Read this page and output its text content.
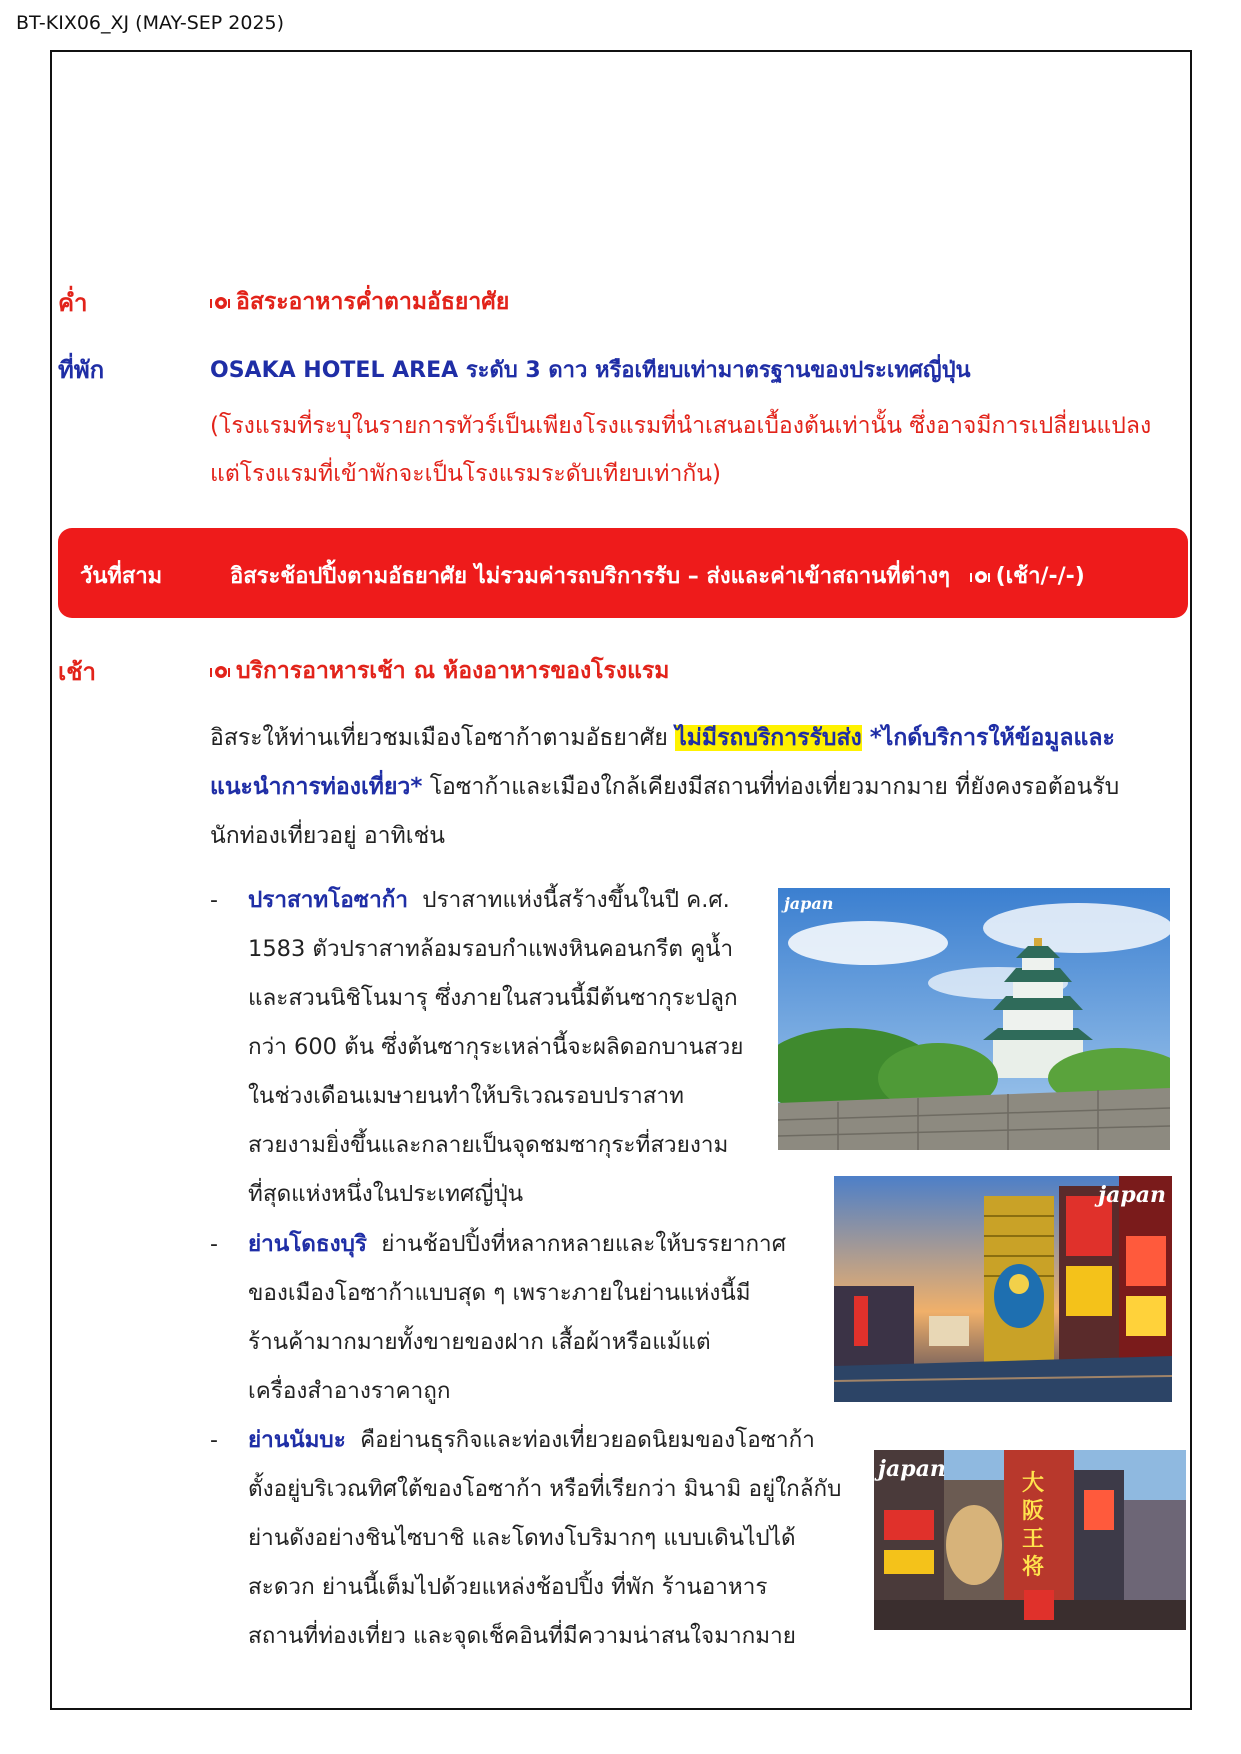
BT-KIX06_XJ (MAY-SEP 2025)
ค่ำ	อิสระอาหารค่ำตามอัธยาศัย
ที่พัก	OSAKA HOTEL AREA ระดับ 3 ดาว หรือเทียบเท่ามาตรฐานของประเทศญี่ปุ่น
(โรงแรมที่ระบุในรายการทัวร์เป็นเพียงโรงแรมที่นำเสนอเบื้องต้นเท่านั้น ซึ่งอาจมีการเปลี่ยนแปลง
แต่โรงแรมที่เข้าพักจะเป็นโรงแรมระดับเทียบเท่ากัน)
วันที่สาม	อิสระช้อปปิ้งตามอัธยาศัย ไม่รวมค่ารถบริการรับ – ส่งและค่าเข้าสถานที่ต่างๆ (เช้า/-/-)
เช้า	บริการอาหารเช้า ณ ห้องอาหารของโรงแรม
อิสระให้ท่านเที่ยวชมเมืองโอซาก้าตามอัธยาศัย ไม่มีรถบริการรับส่ง *ไกด์บริการให้ข้อมูลและ
แนะนำการท่องเที่ยว* โอซาก้าและเมืองใกล้เคียงมีสถานที่ท่องเที่ยวมากมาย ที่ยังคงรอต้อนรับ
นักท่องเที่ยวอยู่ อาทิเช่น
- ปราสาทโอซาก้า ปราสาทแห่งนี้สร้างขึ้นในปี ค.ศ.
1583 ตัวปราสาทล้อมรอบกำแพงหินคอนกรีต คูน้ำ
และสวนนิชิโนมารุ ซึ่งภายในสวนนี้มีต้นซากุระปลูก
กว่า 600 ต้น ซึ่งต้นซากุระเหล่านี้จะผลิดอกบานสวย
ในช่วงเดือนเมษายนทำให้บริเวณรอบปราสาท
สวยงามยิ่งขึ้นและกลายเป็นจุดชมซากุระที่สวยงาม
ที่สุดแห่งหนึ่งในประเทศญี่ปุ่น
japan
- ย่านโดธงบุริ ย่านช้อปปิ้งที่หลากหลายและให้บรรยากาศ
ของเมืองโอซาก้าแบบสุด ๆ เพราะภายในย่านแห่งนี้มี
ร้านค้ามากมายทั้งขายของฝาก เสื้อผ้าหรือแม้แต่
เครื่องสำอางราคาถูก
japan
- ย่านนัมบะ คือย่านธุรกิจและท่องเที่ยวยอดนิยมของโอซาก้า
ตั้งอยู่บริเวณทิศใต้ของโอซาก้า หรือที่เรียกว่า มินามิ อยู่ใกล้กับ
ย่านดังอย่างชินไซบาชิ และโดทงโบริมากๆ แบบเดินไปได้
สะดวก ย่านนี้เต็มไปด้วยแหล่งช้อปปิ้ง ที่พัก ร้านอาหาร
สถานที่ท่องเที่ยว และจุดเช็คอินที่มีความน่าสนใจมากมาย
大阪王将
japan
